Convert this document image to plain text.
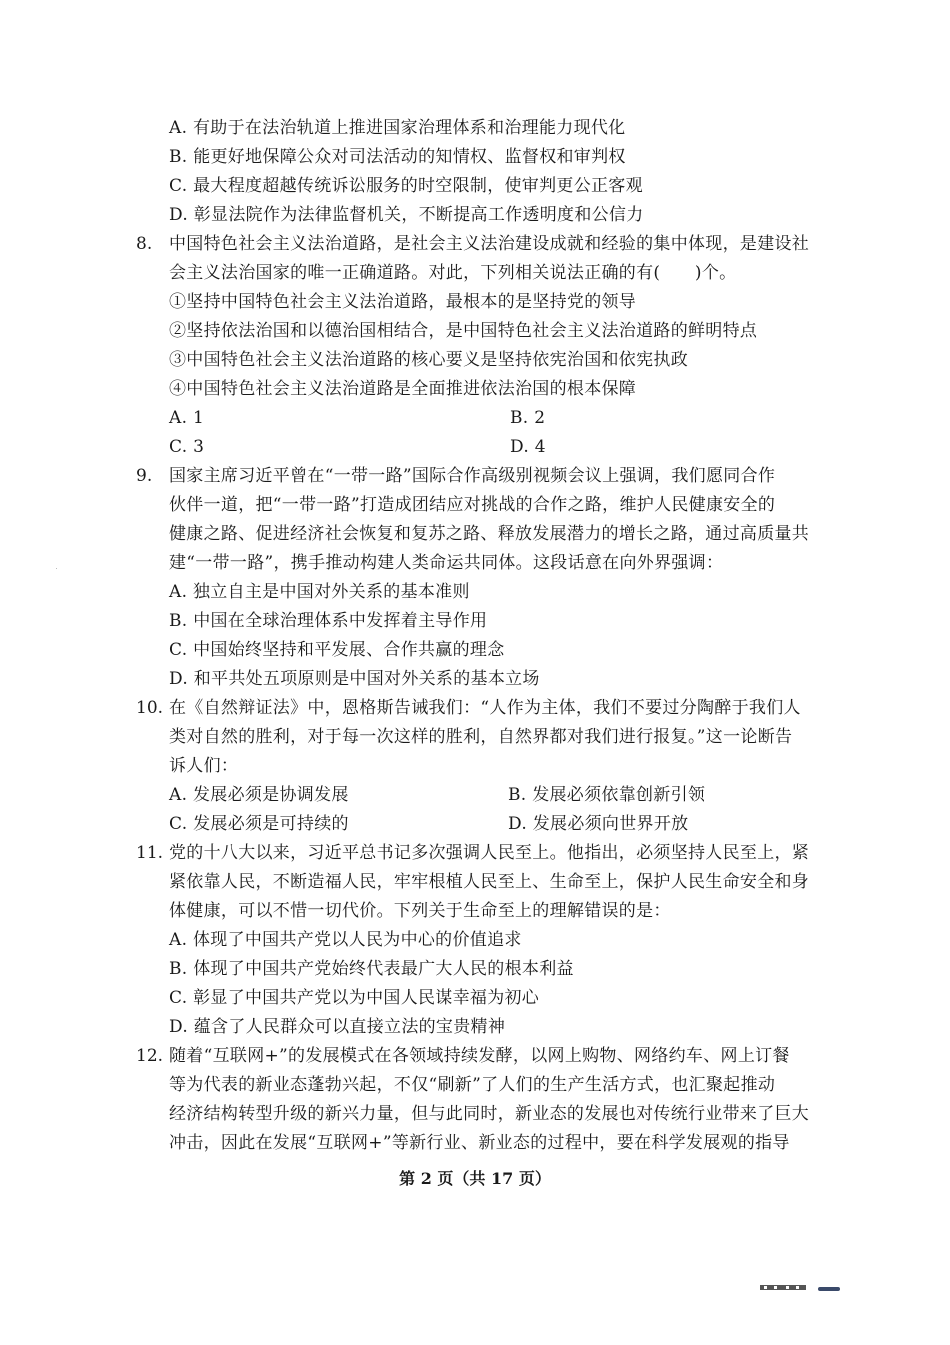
A. 有助于在法治轨道上推进国家治理体系和治理能力现代化
B. 能更好地保障公众对司法活动的知情权、监督权和审判权
C. 最大程度超越传统诉讼服务的时空限制，使审判更公正客观
D. 彰显法院作为法律监督机关，不断提高工作透明度和公信力
8. 中国特色社会主义法治道路，是社会主义法治建设成就和经验的集中体现，是建设社
会主义法治国家的唯一正确道路。对此，下列相关说法正确的有(　　)个。
①坚持中国特色社会主义法治道路，最根本的是坚持党的领导
②坚持依法治国和以德治国相结合，是中国特色社会主义法治道路的鲜明特点
③中国特色社会主义法治道路的核心要义是坚持依宪治国和依宪执政
④中国特色社会主义法治道路是全面推进依法治国的根本保障
A. 1	B. 2
C. 3	D. 4
9. 国家主席习近平曾在“一带一路”国际合作高级别视频会议上强调，我们愿同合作
伙伴一道，把“一带一路”打造成团结应对挑战的合作之路，维护人民健康安全的
健康之路、促进经济社会恢复和复苏之路、释放发展潜力的增长之路，通过高质量共
建“一带一路”，携手推动构建人类命运共同体。这段话意在向外界强调：
A. 独立自主是中国对外关系的基本准则
B. 中国在全球治理体系中发挥着主导作用
C. 中国始终坚持和平发展、合作共赢的理念
D. 和平共处五项原则是中国对外关系的基本立场
10. 在《自然辩证法》中，恩格斯告诫我们：“人作为主体，我们不要过分陶醉于我们人
类对自然的胜利，对于每一次这样的胜利，自然界都对我们进行报复。”这一论断告
诉人们：
A. 发展必须是协调发展	B. 发展必须依靠创新引领
C. 发展必须是可持续的	D. 发展必须向世界开放
11. 党的十八大以来，习近平总书记多次强调人民至上。他指出，必须坚持人民至上，紧
紧依靠人民，不断造福人民，牢牢根植人民至上、生命至上，保护人民生命安全和身
体健康，可以不惜一切代价。下列关于生命至上的理解错误的是：
A. 体现了中国共产党以人民为中心的价值追求
B. 体现了中国共产党始终代表最广大人民的根本利益
C. 彰显了中国共产党以为中国人民谋幸福为初心
D. 蕴含了人民群众可以直接立法的宝贵精神
12. 随着“互联网+”的发展模式在各领域持续发酵，以网上购物、网络约车、网上订餐
等为代表的新业态蓬勃兴起，不仅“刷新”了人们的生产生活方式，也汇聚起推动
经济结构转型升级的新兴力量，但与此同时，新业态的发展也对传统行业带来了巨大
冲击，因此在发展“互联网+”等新行业、新业态的过程中，要在科学发展观的指导
第 2 页（共 17 页）
